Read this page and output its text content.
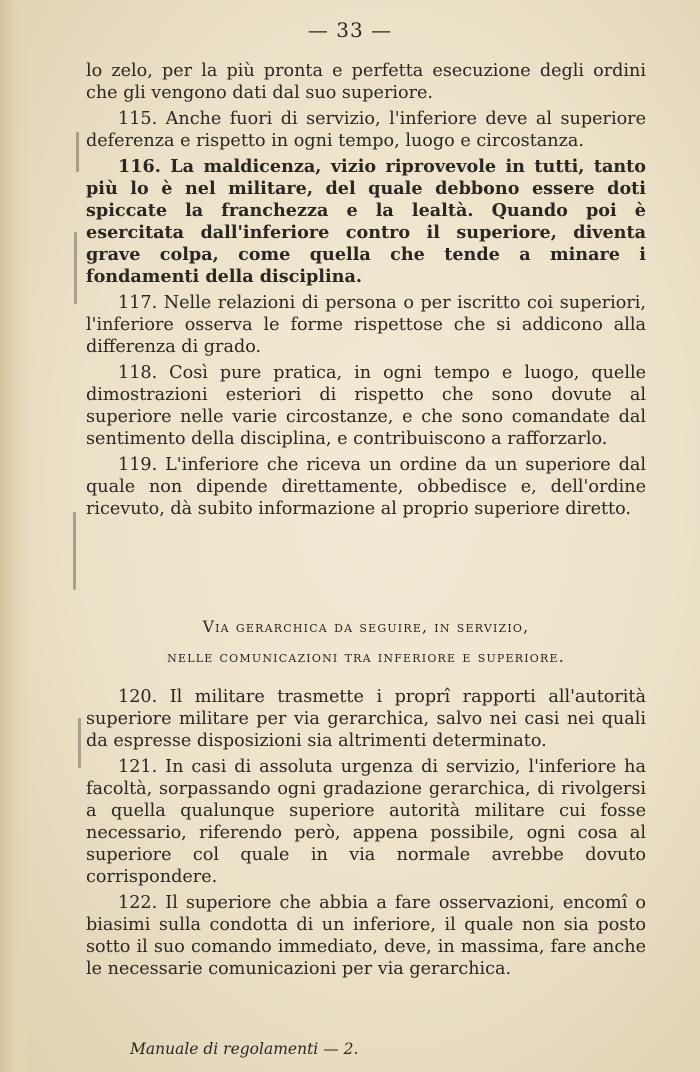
— 33 —

lo zelo, per la più pronta e perfetta esecuzione degli ordini che gli vengono dati dal suo superiore.

115. Anche fuori di servizio, l'inferiore deve al superiore deferenza e rispetto in ogni tempo, luogo e circostanza.

116. La maldicenza, vizio riprovevole in tutti, tanto più lo è nel militare, del quale debbono essere doti spiccate la franchezza e la lealtà. Quando poi è esercitata dall'inferiore contro il superiore, diventa grave colpa, come quella che tende a minare i fondamenti della disciplina.

117. Nelle relazioni di persona o per iscritto coi superiori, l'inferiore osserva le forme rispettose che si addicono alla differenza di grado.

118. Così pure pratica, in ogni tempo e luogo, quelle dimostrazioni esteriori di rispetto che sono dovute al superiore nelle varie circostanze, e che sono comandate dal sentimento della disciplina, e contribuiscono a rafforzarlo.

119. L'inferiore che riceva un ordine da un superiore dal quale non dipende direttamente, obbedisce e, dell'ordine ricevuto, dà subito informazione al proprio superiore diretto.

Via gerarchica da seguire, in servizio,
nelle comunicazioni tra inferiore e superiore.

120. Il militare trasmette i proprî rapporti all'autorità superiore militare per via gerarchica, salvo nei casi nei quali da espresse disposizioni sia altrimenti determinato.

121. In casi di assoluta urgenza di servizio, l'inferiore ha facoltà, sorpassando ogni gradazione gerarchica, di rivolgersi a quella qualunque superiore autorità militare cui fosse necessario, riferendo però, appena possibile, ogni cosa al superiore col quale in via normale avrebbe dovuto corrispondere.

122. Il superiore che abbia a fare osservazioni, encomî o biasimi sulla condotta di un inferiore, il quale non sia posto sotto il suo comando immediato, deve, in massima, fare anche le necessarie comunicazioni per via gerarchica.

Manuale di regolamenti — 2.
